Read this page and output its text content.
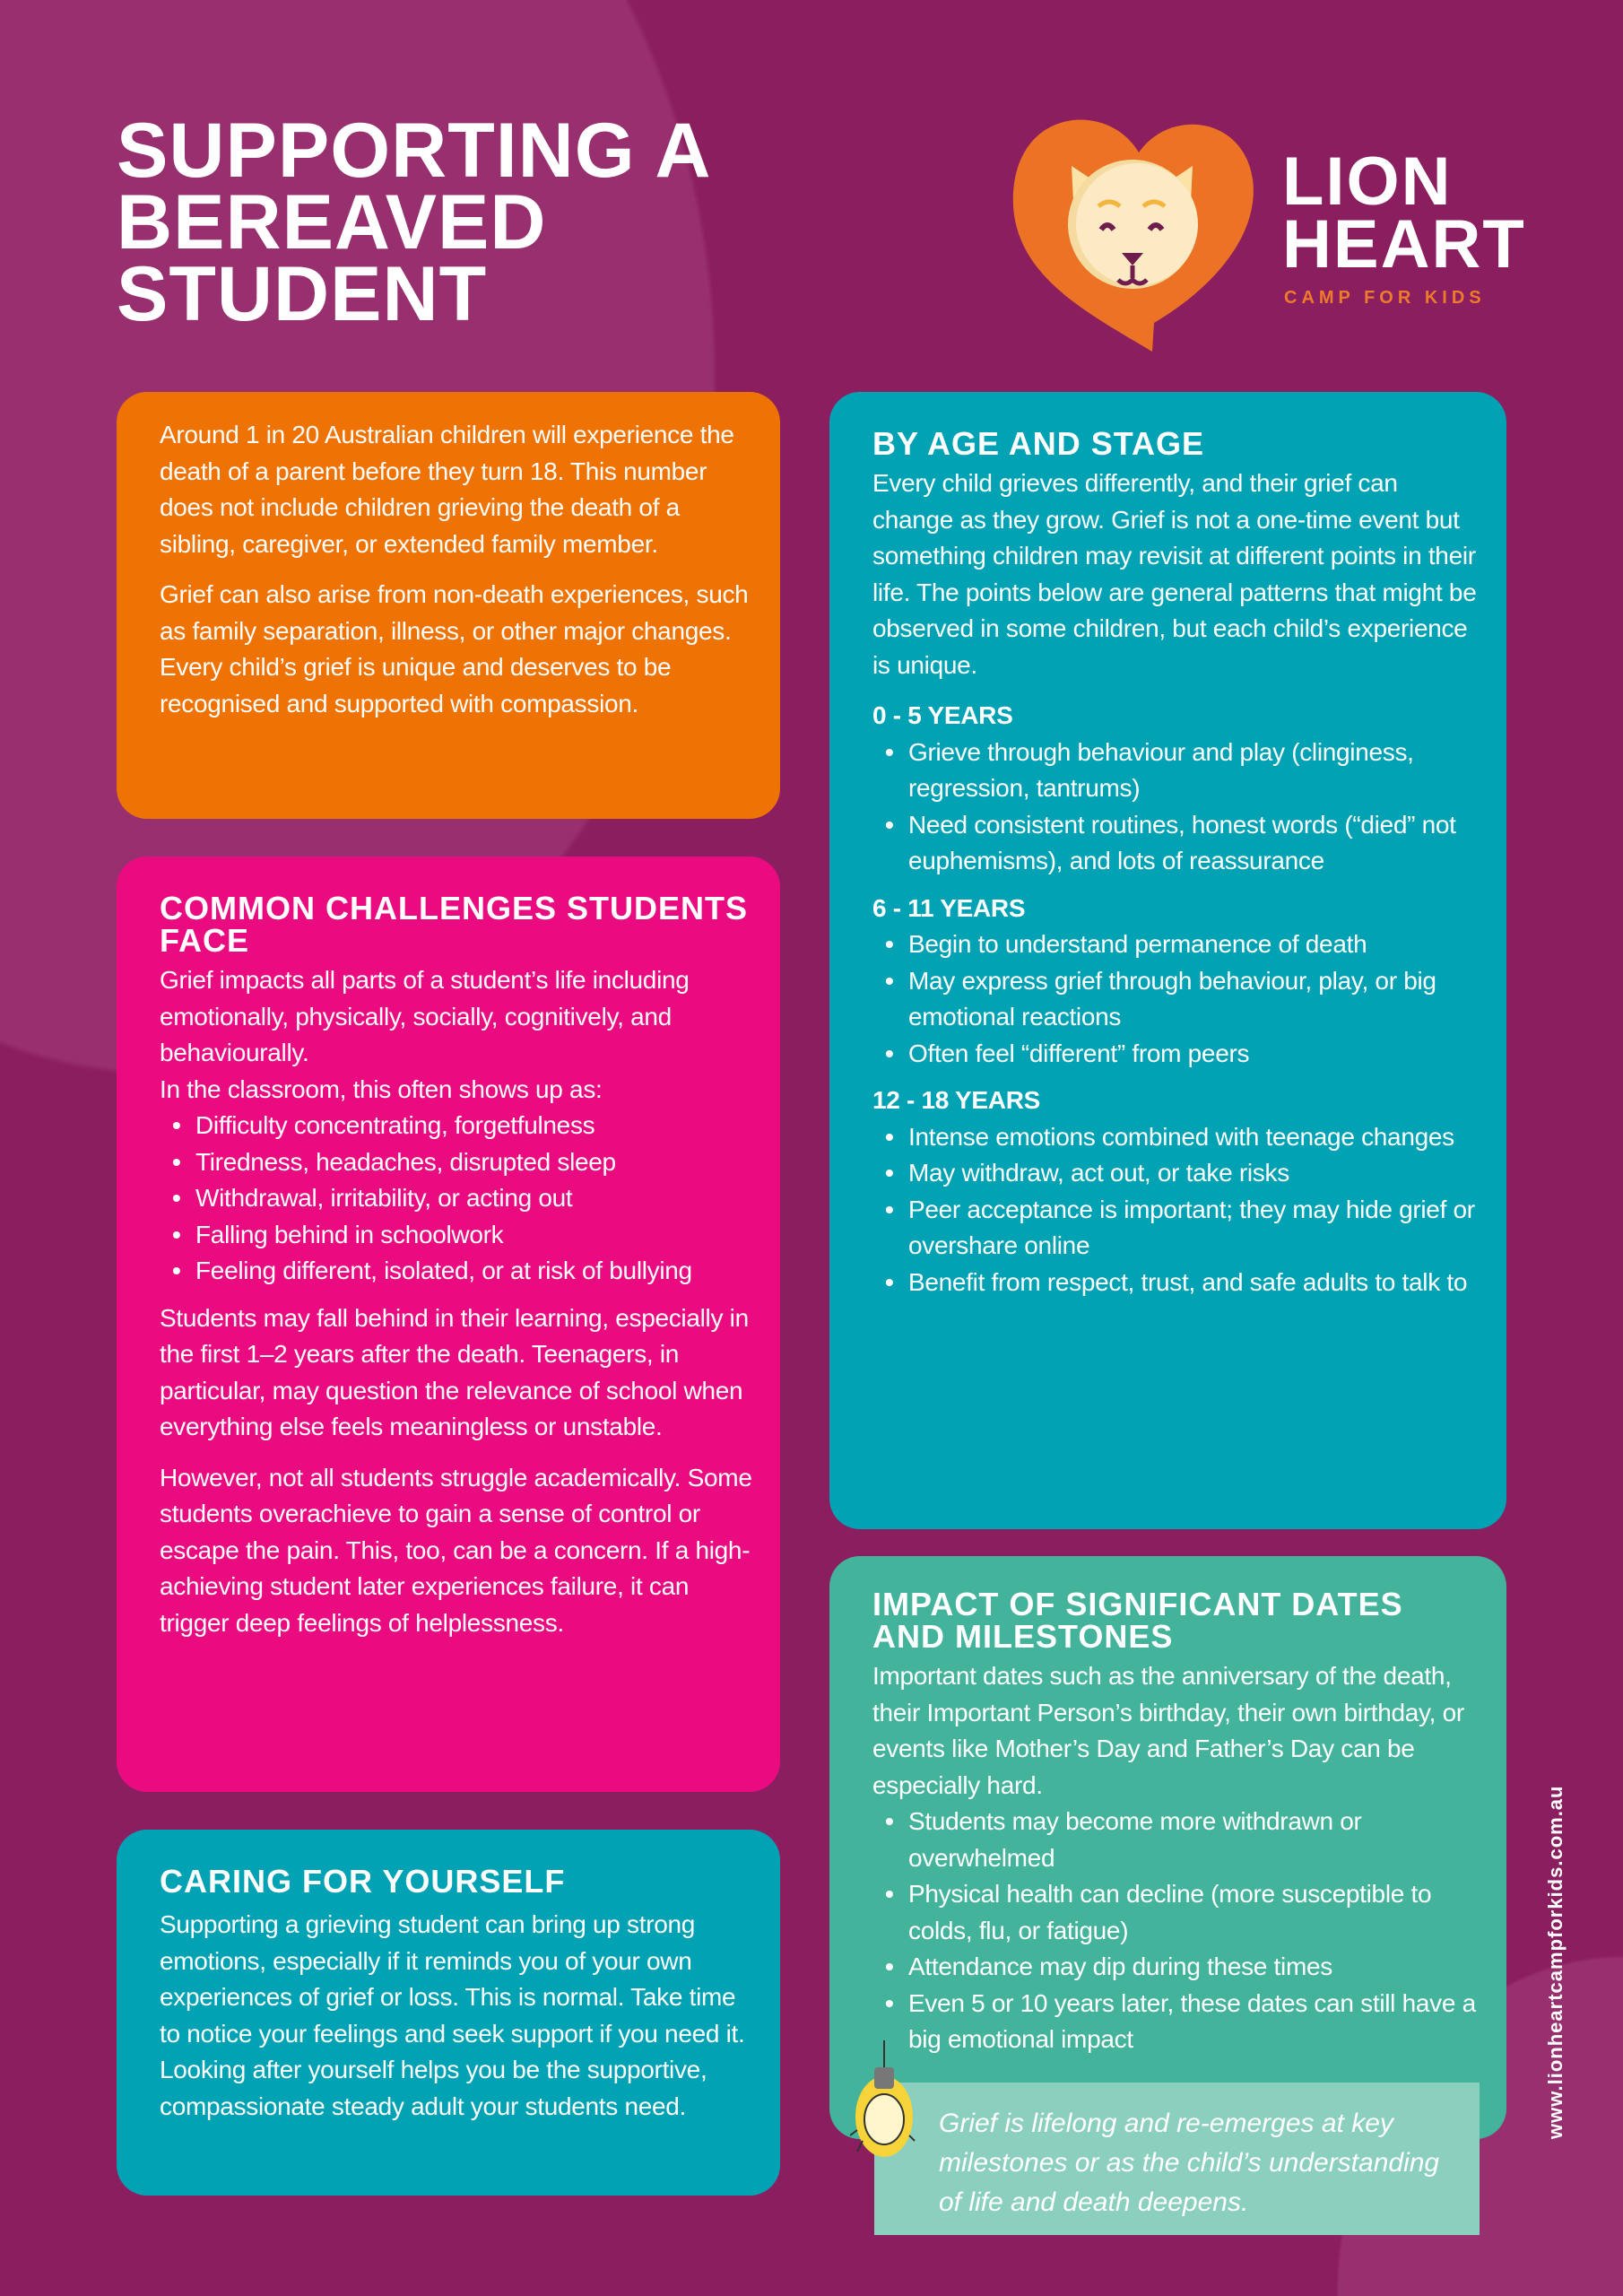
SUPPORTING A
BEREAVED
STUDENT
LION
HEART
CAMP FOR KIDS

Around 1 in 20 Australian children will experience the death of a parent before they turn 18. This number does not include children grieving the death of a sibling, caregiver, or extended family member.

Grief can also arise from non-death experiences, such as family separation, illness, or other major changes. Every child’s grief is unique and deserves to be recognised and supported with compassion.

COMMON CHALLENGES STUDENTS FACE
Grief impacts all parts of a student’s life including emotionally, physically, socially, cognitively, and behaviourally.
In the classroom, this often shows up as:
• Difficulty concentrating, forgetfulness
• Tiredness, headaches, disrupted sleep
• Withdrawal, irritability, or acting out
• Falling behind in schoolwork
• Feeling different, isolated, or at risk of bullying

Students may fall behind in their learning, especially in the first 1–2 years after the death. Teenagers, in particular, may question the relevance of school when everything else feels meaningless or unstable.

However, not all students struggle academically. Some students overachieve to gain a sense of control or escape the pain. This, too, can be a concern. If a high-achieving student later experiences failure, it can trigger deep feelings of helplessness.

CARING FOR YOURSELF

Supporting a grieving student can bring up strong emotions, especially if it reminds you of your own experiences of grief or loss. This is normal. Take time to notice your feelings and seek support if you need it. Looking after yourself helps you be the supportive, compassionate steady adult your students need.

BY AGE AND STAGE

Every child grieves differently, and their grief can change as they grow. Grief is not a one-time event but something children may revisit at different points in their life. The points below are general patterns that might be observed in some children, but each child’s experience is unique.

0 - 5 YEARS
• Grieve through behaviour and play (clinginess, regression, tantrums)
• Need consistent routines, honest words (“died” not euphemisms), and lots of reassurance
6 - 11 YEARS
• Begin to understand permanence of death
• May express grief through behaviour, play, or big emotional reactions
• Often feel “different” from peers
12 - 18 YEARS
• Intense emotions combined with teenage changes
• May withdraw, act out, or take risks
• Peer acceptance is important; they may hide grief or overshare online
• Benefit from respect, trust, and safe adults to talk to
IMPACT OF SIGNIFICANT DATES AND MILESTONES
Important dates such as the anniversary of the death, their Important Person’s birthday, their own birthday, or events like Mother’s Day and Father’s Day can be especially hard.
• Students may become more withdrawn or overwhelmed
• Physical health can decline (more susceptible to colds, flu, or fatigue)
• Attendance may dip during these times
• Even 5 or 10 years later, these dates can still have a big emotional impact
Grief is lifelong and re-emerges at key milestones or as the child’s understanding of life and death deepens.
www.lionheartcampforkids.com.au
